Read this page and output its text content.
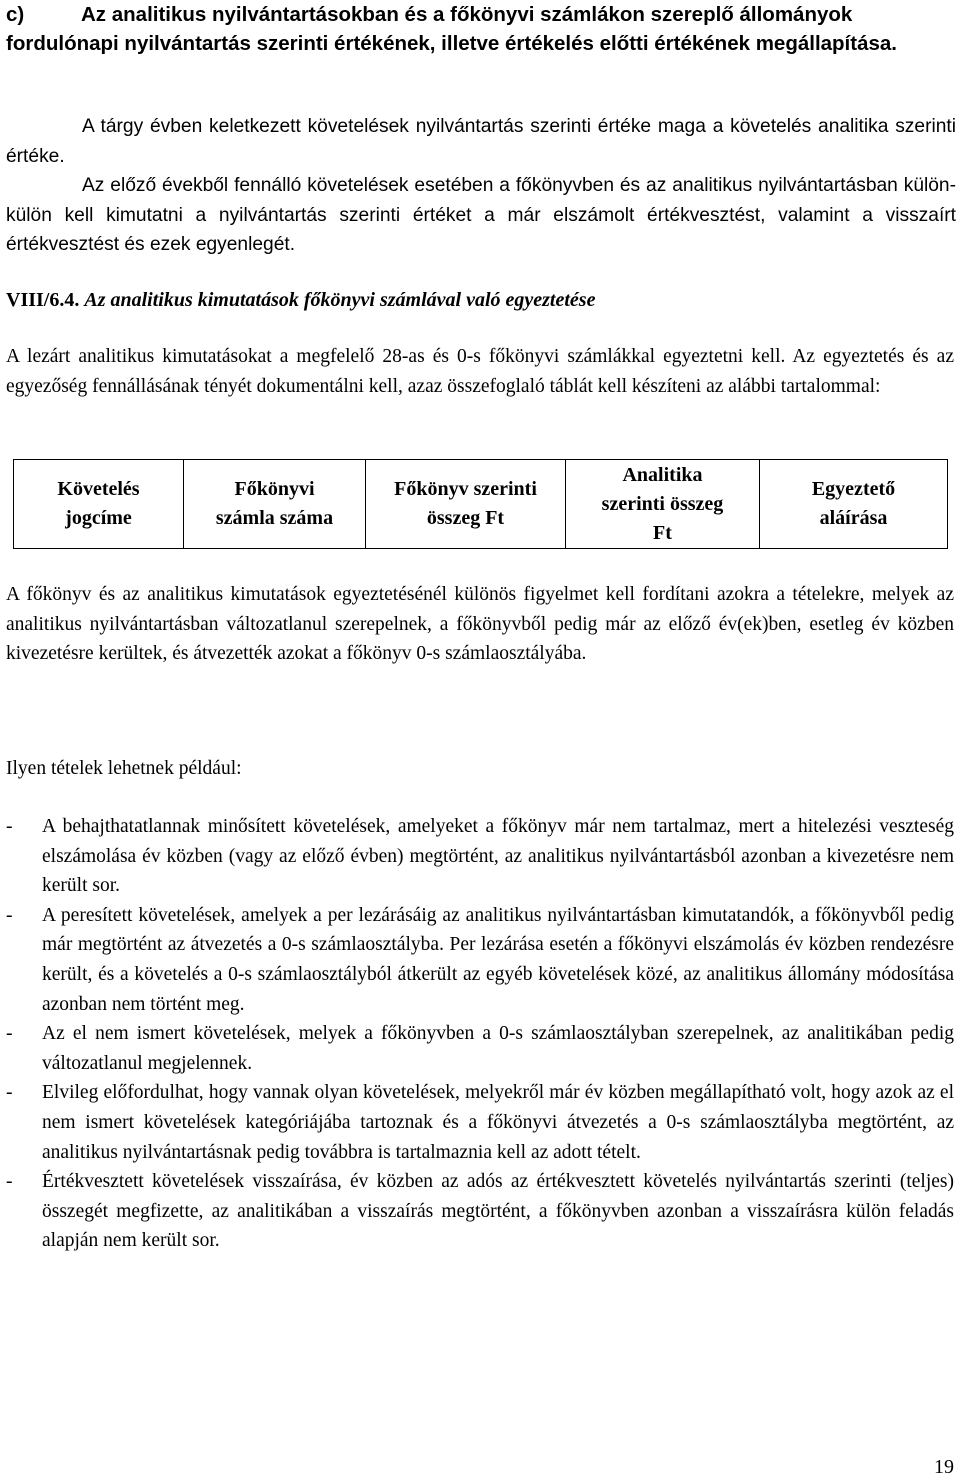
c)	Az analitikus nyilvántartásokban és a főkönyvi számlákon szereplő állományok
fordulónapi nyilvántartás szerinti értékének, illetve értékelés előtti értékének megállapítása.

A tárgy évben keletkezett követelések nyilvántartás szerinti értéke maga a követelés analitika szerinti értéke.

Az előző évekből fennálló követelések esetében a főkönyvben és az analitikus nyilvántartásban külön-külön kell kimutatni a nyilvántartás szerinti értéket a már elszámolt értékvesztést, valamint a visszaírt értékvesztést és ezek egyenlegét.

VIII/6.4. Az analitikus kimutatások főkönyvi számlával való egyeztetése

A lezárt analitikus kimutatásokat a megfelelő 28-as és 0-s főkönyvi számlákkal egyeztetni kell. Az egyeztetés és az egyezőség fennállásának tényét dokumentálni kell, azaz összefoglaló táblát kell készíteni az alábbi tartalommal:

Követelés
jogcíme

Főkönyvi
számla száma

Főkönyv szerinti
összeg Ft

Analitika
szerinti összeg
Ft

Egyeztető
aláírása

A főkönyv és az analitikus kimutatások egyeztetésénél különös figyelmet kell fordítani azokra a tételekre, melyek az analitikus nyilvántartásban változatlanul szerepelnek, a főkönyvből pedig már az előző év(ek)ben, esetleg év közben kivezetésre kerültek, és átvezették azokat a főkönyv 0-s számlaosztályába.

Ilyen tételek lehetnek például:

- A behajthatatlannak minősített követelések, amelyeket a főkönyv már nem tartalmaz, mert a hitelezési veszteség elszámolása év közben (vagy az előző évben) megtörtént, az analitikus nyilvántartásból azonban a kivezetésre nem került sor.
- A peresített követelések, amelyek a per lezárásáig az analitikus nyilvántartásban kimutatandók, a főkönyvből pedig már megtörtént az átvezetés a 0-s számlaosztályba. Per lezárása esetén a főkönyvi elszámolás év közben rendezésre került, és a követelés a 0-s számlaosztályból átkerült az egyéb követelések közé, az analitikus állomány módosítása azonban nem történt meg.
- Az el nem ismert követelések, melyek a főkönyvben a 0-s számlaosztályban szerepelnek, az analitikában pedig változatlanul megjelennek.
- Elvileg előfordulhat, hogy vannak olyan követelések, melyekről már év közben megállapítható volt, hogy azok az el nem ismert követelések kategóriájába tartoznak és a főkönyvi átvezetés a 0-s számlaosztályba megtörtént, az analitikus nyilvántartásnak pedig továbbra is tartalmaznia kell az adott tételt.
- Értékvesztett követelések visszaírása, év közben az adós az értékvesztett követelés nyilvántartás szerinti (teljes) összegét megfizette, az analitikában a visszaírás megtörtént, a főkönyvben azonban a visszaírásra külön feladás alapján nem került sor.
19
